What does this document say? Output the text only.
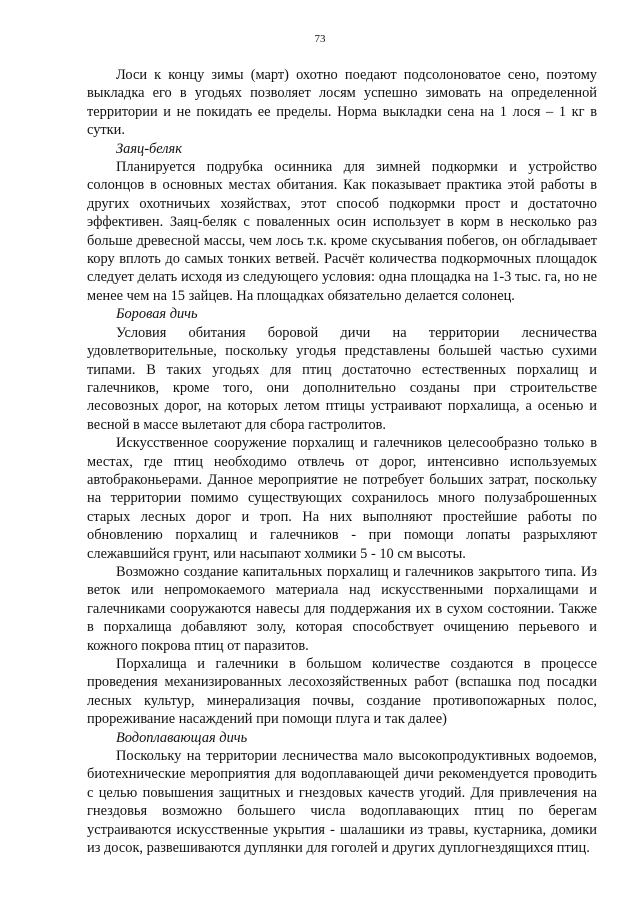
73

Лоси к концу зимы (март) охотно поедают подсолоноватое сено, поэтому выкладка его в угодьях позволяет лосям успешно зимовать на определенной территории и не покидать ее пределы. Норма выкладки сена на 1 лося – 1 кг в сутки.

Заяц-беляк

Планируется подрубка осинника для зимней подкормки и устройство солонцов в основных местах обитания. Как показывает практика этой работы в других охотничьих хозяйствах, этот способ подкормки прост и достаточно эффективен. Заяц-беляк с поваленных осин использует в корм в несколько раз больше древесной массы, чем лось т.к. кроме скусывания побегов, он обгладывает кору вплоть до самых тонких ветвей. Расчёт количества подкормочных площадок следует делать исходя из следующего условия: одна площадка на 1-3 тыс. га, но не менее чем на 15 зайцев. На площадках обязательно делается солонец.

Боровая дичь

Условия обитания боровой дичи на территории лесничества удовлетворительные, поскольку угодья представлены большей частью сухими типами. В таких угодьях для птиц достаточно естественных порхалищ и галечников, кроме того, они дополнительно созданы при строительстве лесовозных дорог, на которых летом птицы устраивают порхалища, а осенью и весной в массе вылетают для сбора гастролитов.

Искусственное сооружение порхалищ и галечников целесообразно только в местах, где птиц необходимо отвлечь от дорог, интенсивно используемых автобраконьерами. Данное мероприятие не потребует больших затрат, поскольку на территории помимо существующих сохранилось много полузаброшенных старых лесных дорог и троп. На них выполняют простейшие работы по обновлению порхалищ и галечников - при помощи лопаты разрыхляют слежавшийся грунт, или насыпают холмики 5 - 10 см высоты.

Возможно создание капитальных порхалищ и галечников закрытого типа. Из веток или непромокаемого материала над искусственными порхалищами и галечниками сооружаются навесы для поддержания их в сухом состоянии. Также в порхалища добавляют золу, которая способствует очищению перьевого и кожного покрова птиц от паразитов.

Порхалища и галечники в большом количестве создаются в процессе проведения механизированных лесохозяйственных работ (вспашка под посадки лесных культур, минерализация почвы, создание противопожарных полос, прореживание насаждений при помощи плуга и так далее)

Водоплавающая дичь

Поскольку на территории лесничества мало высокопродуктивных водоемов, биотехнические мероприятия для водоплавающей дичи рекомендуется проводить с целью повышения защитных и гнездовых качеств угодий. Для привлечения на гнездовья возможно большего числа водоплавающих птиц по берегам устраиваются искусственные укрытия - шалашики из травы, кустарника, домики из досок, развешиваются дуплянки для гоголей и других дуплогнездящихся птиц.
